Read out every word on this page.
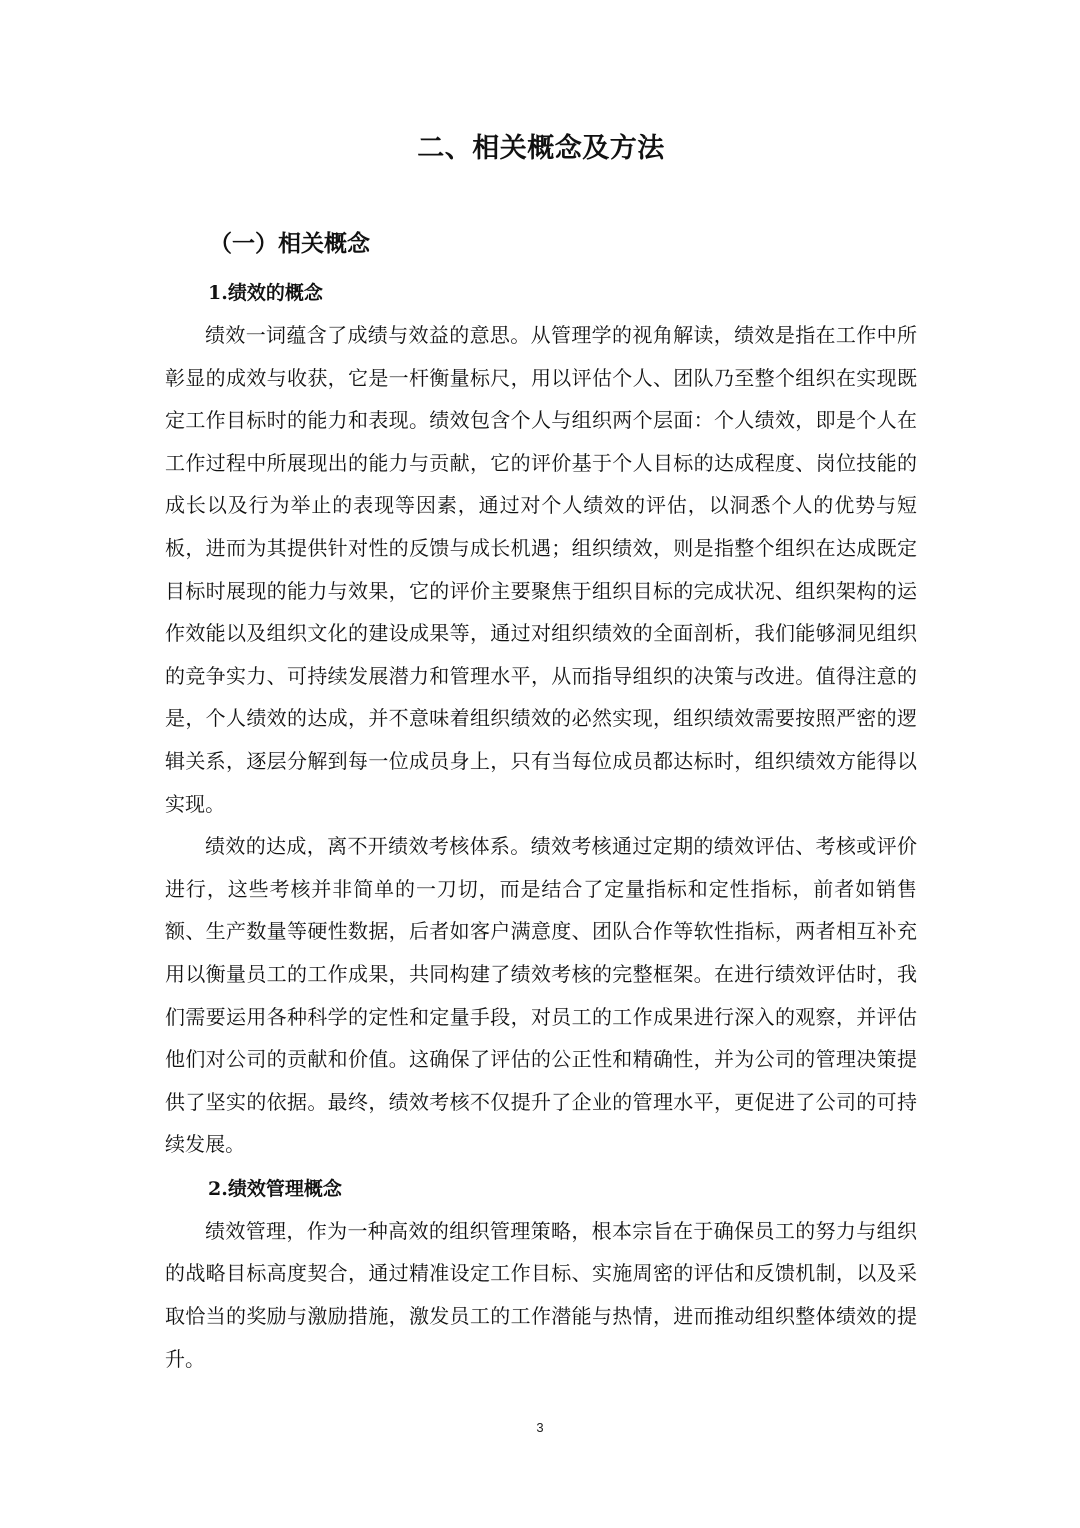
二、相关概念及方法
（一）相关概念
1.绩效的概念

绩效一词蕴含了成绩与效益的意思。从管理学的视角解读，绩效是指在工作中所彰显的成效与收获，它是一杆衡量标尺，用以评估个人、团队乃至整个组织在实现既定工作目标时的能力和表现。绩效包含个人与组织两个层面：个人绩效，即是个人在工作过程中所展现出的能力与贡献，它的评价基于个人目标的达成程度、岗位技能的成长以及行为举止的表现等因素，通过对个人绩效的评估，以洞悉个人的优势与短板，进而为其提供针对性的反馈与成长机遇；组织绩效，则是指整个组织在达成既定目标时展现的能力与效果，它的评价主要聚焦于组织目标的完成状况、组织架构的运作效能以及组织文化的建设成果等，通过对组织绩效的全面剖析，我们能够洞见组织的竞争实力、可持续发展潜力和管理水平，从而指导组织的决策与改进。值得注意的是，个人绩效的达成，并不意味着组织绩效的必然实现，组织绩效需要按照严密的逻辑关系，逐层分解到每一位成员身上，只有当每位成员都达标时，组织绩效方能得以实现。

绩效的达成，离不开绩效考核体系。绩效考核通过定期的绩效评估、考核或评价进行，这些考核并非简单的一刀切，而是结合了定量指标和定性指标，前者如销售额、生产数量等硬性数据，后者如客户满意度、团队合作等软性指标，两者相互补充用以衡量员工的工作成果，共同构建了绩效考核的完整框架。在进行绩效评估时，我们需要运用各种科学的定性和定量手段，对员工的工作成果进行深入的观察，并评估他们对公司的贡献和价值。这确保了评估的公正性和精确性，并为公司的管理决策提供了坚实的依据。最终，绩效考核不仅提升了企业的管理水平，更促进了公司的可持续发展。

2.绩效管理概念

绩效管理，作为一种高效的组织管理策略，根本宗旨在于确保员工的努力与组织的战略目标高度契合，通过精准设定工作目标、实施周密的评估和反馈机制，以及采取恰当的奖励与激励措施，激发员工的工作潜能与热情，进而推动组织整体绩效的提升。

3
